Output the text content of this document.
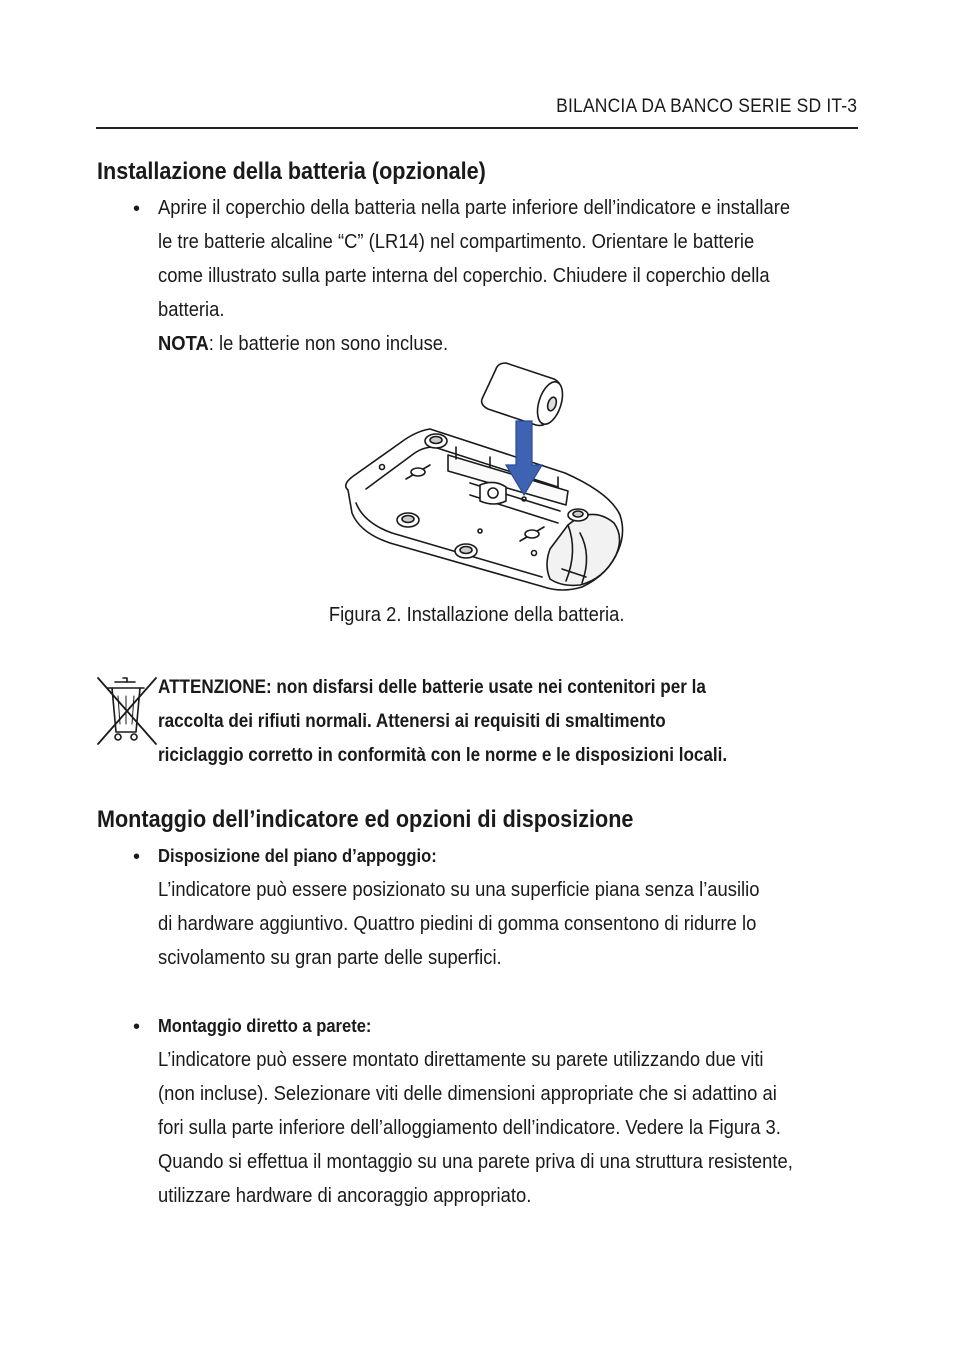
BILANCIA DA BANCO SERIE SD IT-3
Installazione della batteria (opzionale)
• Aprire il coperchio della batteria nella parte inferiore dell’indicatore e installare
le tre batterie alcaline “C” (LR14) nel compartimento. Orientare le batterie
come illustrato sulla parte interna del coperchio. Chiudere il coperchio della
batteria.
NOTA: le batterie non sono incluse.
Figura 2. Installazione della batteria.
ATTENZIONE: non disfarsi delle batterie usate nei contenitori per la
raccolta dei rifiuti normali. Attenersi ai requisiti di smaltimento
riciclaggio corretto in conformità con le norme e le disposizioni locali.
Montaggio dell’indicatore ed opzioni di disposizione
• Disposizione del piano d’appoggio:
L’indicatore può essere posizionato su una superficie piana senza l’ausilio
di hardware aggiuntivo. Quattro piedini di gomma consentono di ridurre lo
scivolamento su gran parte delle superfici.
• Montaggio diretto a parete:
L’indicatore può essere montato direttamente su parete utilizzando due viti
(non incluse). Selezionare viti delle dimensioni appropriate che si adattino ai
fori sulla parte inferiore dell’alloggiamento dell’indicatore. Vedere la Figura 3.
Quando si effettua il montaggio su una parete priva di una struttura resistente,
utilizzare hardware di ancoraggio appropriato.
